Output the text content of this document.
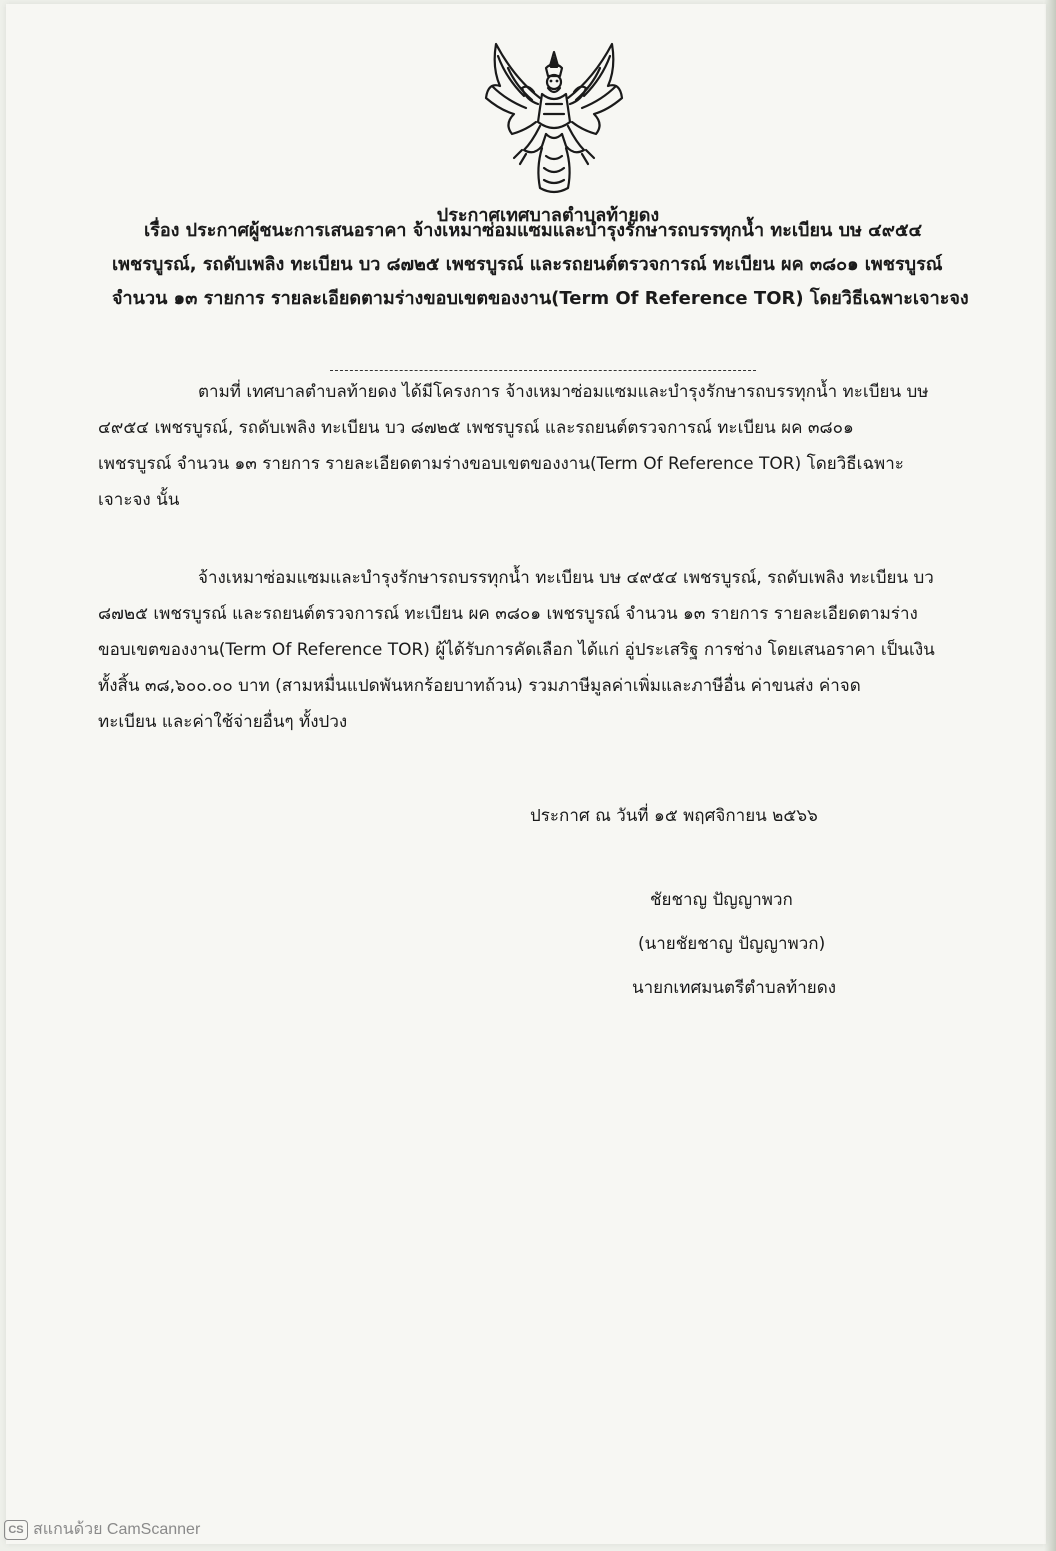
ประกาศเทศบาลตำบลท้ายดง
เรื่อง ประกาศผู้ชนะการเสนอราคา จ้างเหมาซ่อมแซมและบำรุงรักษารถบรรทุกน้ำ ทะเบียน บษ ๔๙๕๔
เพชรบูรณ์, รถดับเพลิง ทะเบียน บว ๘๗๒๕ เพชรบูรณ์ และรถยนต์ตรวจการณ์ ทะเบียน ผค ๓๘๐๑ เพชรบูรณ์
จำนวน ๑๓ รายการ รายละเอียดตามร่างขอบเขตของงาน(Term Of Reference TOR) โดยวิธีเฉพาะเจาะจง
ตามที่ เทศบาลตำบลท้ายดง ได้มีโครงการ จ้างเหมาซ่อมแซมและบำรุงรักษารถบรรทุกน้ำ ทะเบียน บษ
๔๙๕๔ เพชรบูรณ์, รถดับเพลิง ทะเบียน บว ๘๗๒๕ เพชรบูรณ์ และรถยนต์ตรวจการณ์ ทะเบียน ผค ๓๘๐๑
เพชรบูรณ์ จำนวน ๑๓ รายการ รายละเอียดตามร่างขอบเขตของงาน(Term Of Reference TOR) โดยวิธีเฉพาะ
เจาะจง นั้น
จ้างเหมาซ่อมแซมและบำรุงรักษารถบรรทุกน้ำ ทะเบียน บษ ๔๙๕๔ เพชรบูรณ์, รถดับเพลิง ทะเบียน บว
๘๗๒๕ เพชรบูรณ์ และรถยนต์ตรวจการณ์ ทะเบียน ผค ๓๘๐๑ เพชรบูรณ์ จำนวน ๑๓ รายการ รายละเอียดตามร่าง
ขอบเขตของงาน(Term Of Reference TOR) ผู้ได้รับการคัดเลือก ได้แก่ อู่ประเสริฐ การช่าง โดยเสนอราคา เป็นเงิน
ทั้งสิ้น ๓๘,๖๐๐.๐๐ บาท (สามหมื่นแปดพันหกร้อยบาทถ้วน) รวมภาษีมูลค่าเพิ่มและภาษีอื่น ค่าขนส่ง ค่าจด
ทะเบียน และค่าใช้จ่ายอื่นๆ ทั้งปวง
ประกาศ ณ วันที่ ๑๕ พฤศจิกายน ๒๕๖๖
ชัยชาญ ปัญญาพวก
(นายชัยชาญ ปัญญาพวก)
นายกเทศมนตรีตำบลท้ายดง
CS สแกนด้วย CamScanner
